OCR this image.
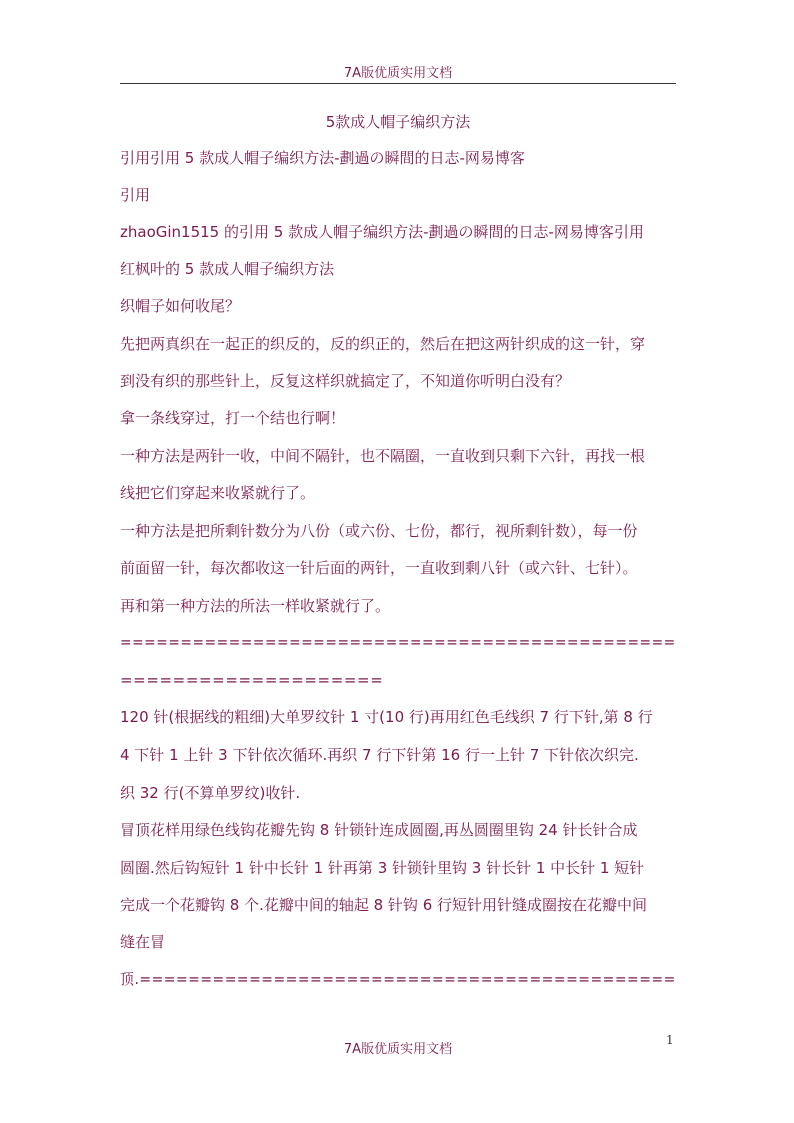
7A版优质实用文档
5款成人帽子编织方法
引用引用 5 款成人帽子编织方法-劃過の瞬間的日志-网易博客
引用
zhaoGin1515 的引用 5 款成人帽子编织方法-劃過の瞬間的日志-网易博客引用
红枫叶的 5 款成人帽子编织方法
织帽子如何收尾？
先把两真织在一起正的织反的，反的织正的，然后在把这两针织成的这一针，穿
到没有织的那些针上，反复这样织就搞定了，不知道你听明白没有？
拿一条线穿过，打一个结也行啊！
一种方法是两针一收，中间不隔针，也不隔圈，一直收到只剩下六针，再找一根
线把它们穿起来收紧就行了。
一种方法是把所剩针数分为八份（或六份、七份，都行，视所剩针数），每一份
前面留一针，每次都收这一针后面的两针，一直收到剩八针（或六针、七针）。
再和第一种方法的所法一样收紧就行了。
==============================================
====================
120 针(根据线的粗细)大单罗纹针 1 寸(10 行)再用红色毛线织 7 行下针,第 8 行
4 下针 1 上针 3 下针依次循环.再织 7 行下针第 16 行一上针 7 下针依次织完.
织 32 行(不算单罗纹)收针.
冒顶花样用绿色线钩花瓣先钩 8 针锁针连成圆圈,再丛圆圈里钩 24 针长针合成
圆圈.然后钩短针 1 针中长针 1 针再第 3 针锁针里钩 3 针长针 1 中长针 1 短针
完成一个花瓣钩 8 个.花瓣中间的轴起 8 针钩 6 行短针用针缝成圈按在花瓣中间
缝在冒
顶.============================================
1
7A版优质实用文档
